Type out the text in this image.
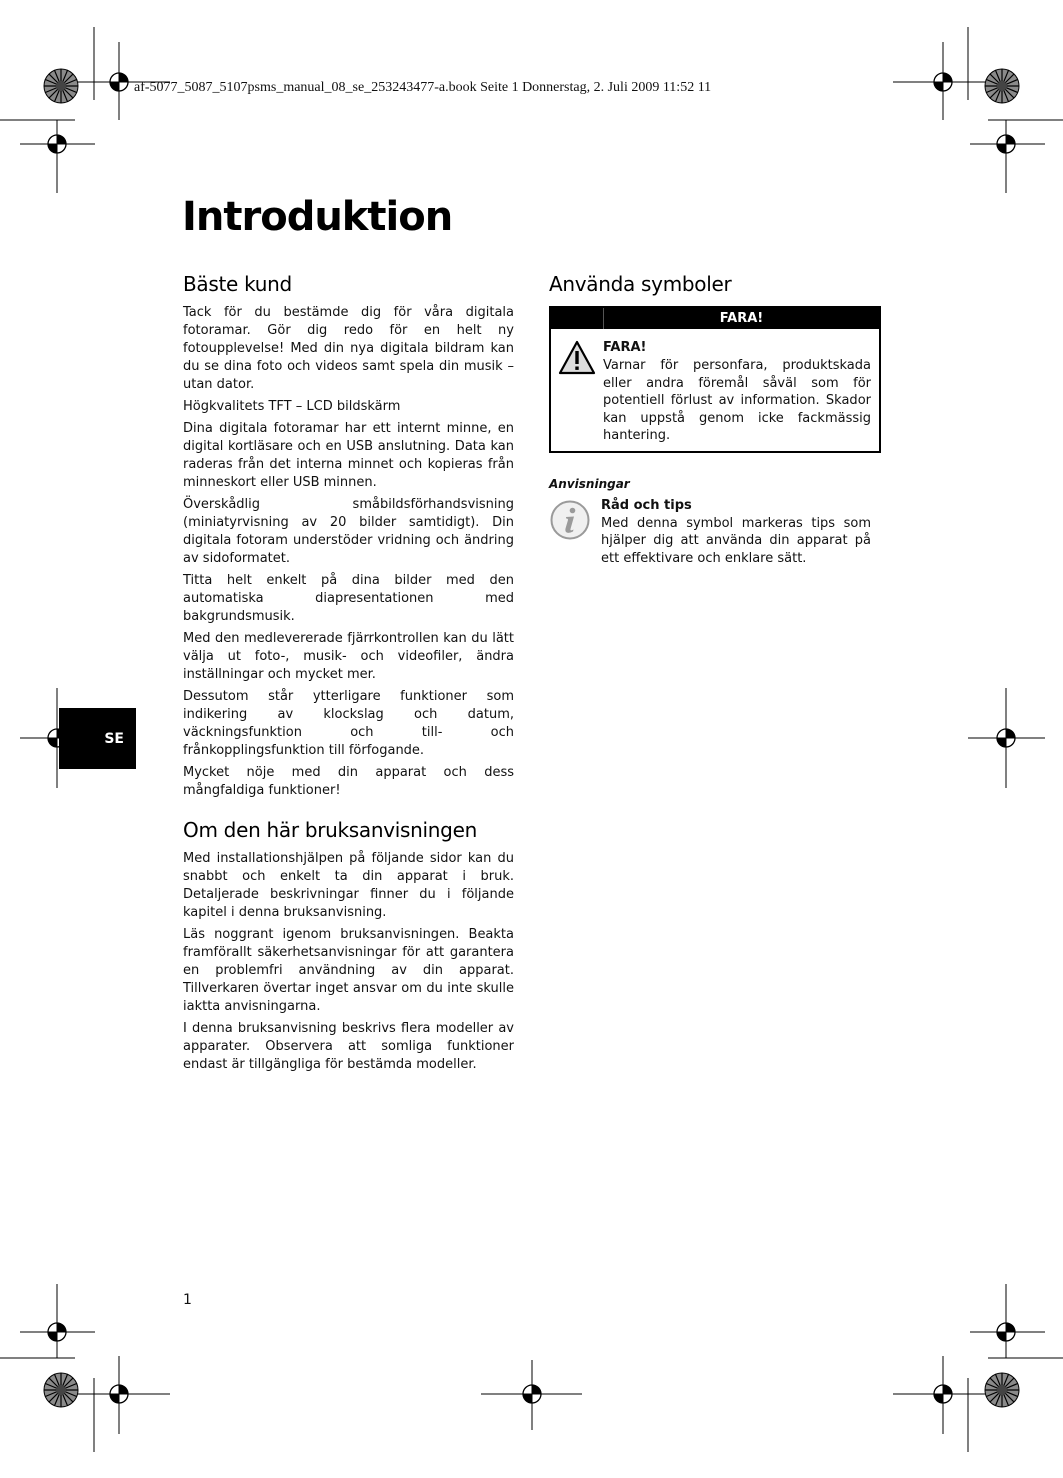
af-5077_5087_5107psms_manual_08_se_253243477-a.book Seite 1 Donnerstag, 2. Juli 2009 11:52 11

Introduktion
Bäste kund

Tack för du bestämde dig för våra digitala fotoramar. Gör dig redo för en helt ny fotoupplevelse! Med din nya digitala bildram kan du se dina foto och videos samt spela din musik – utan dator.

Högkvalitets TFT – LCD bildskärm

Dina digitala fotoramar har ett internt minne, en digital kortläsare och en USB anslutning. Data kan raderas från det interna minnet och kopieras från minneskort eller USB minnen.

Överskådlig småbildsförhandsvisning (miniatyrvisning av 20 bilder samtidigt). Din digitala fotoram understöder vridning och ändring av sidoformatet.

Titta helt enkelt på dina bilder med den automatiska diapresentationen med bakgrundsmusik.

Med den medlevererade fjärrkontrollen kan du lätt välja ut foto-, musik- och videofiler, ändra inställningar och mycket mer.

Dessutom står ytterligare funktioner som indikering av klockslag och datum, väckningsfunktion och till- och frånkopplingsfunktion till förfogande.

Mycket nöje med din apparat och dess mångfaldiga funktioner!

Om den här bruksanvisningen

Med installationshjälpen på följande sidor kan du snabbt och enkelt ta din apparat i bruk. Detaljerade beskrivningar finner du i följande kapitel i denna bruksanvisning.

Läs noggrant igenom bruksanvisningen. Beakta framförallt säkerhetsanvisningar för att garantera en problemfri användning av din apparat. Tillverkaren övertar inget ansvar om du inte skulle iaktta anvisningarna.

I denna bruksanvisning beskrivs flera modeller av apparater. Observera att somliga funktioner endast är tillgängliga för bestämda modeller.

Använda symboler
FARA!

FARA!

Varnar för personfara, produktskada eller andra föremål såväl som för potentiell förlust av information. Skador kan uppstå genom icke fackmässig hantering.

Anvisningar

Råd och tips

Med denna symbol markeras tips som hjälper dig att använda din apparat på ett effektivare och enklare sätt.

SE

1
